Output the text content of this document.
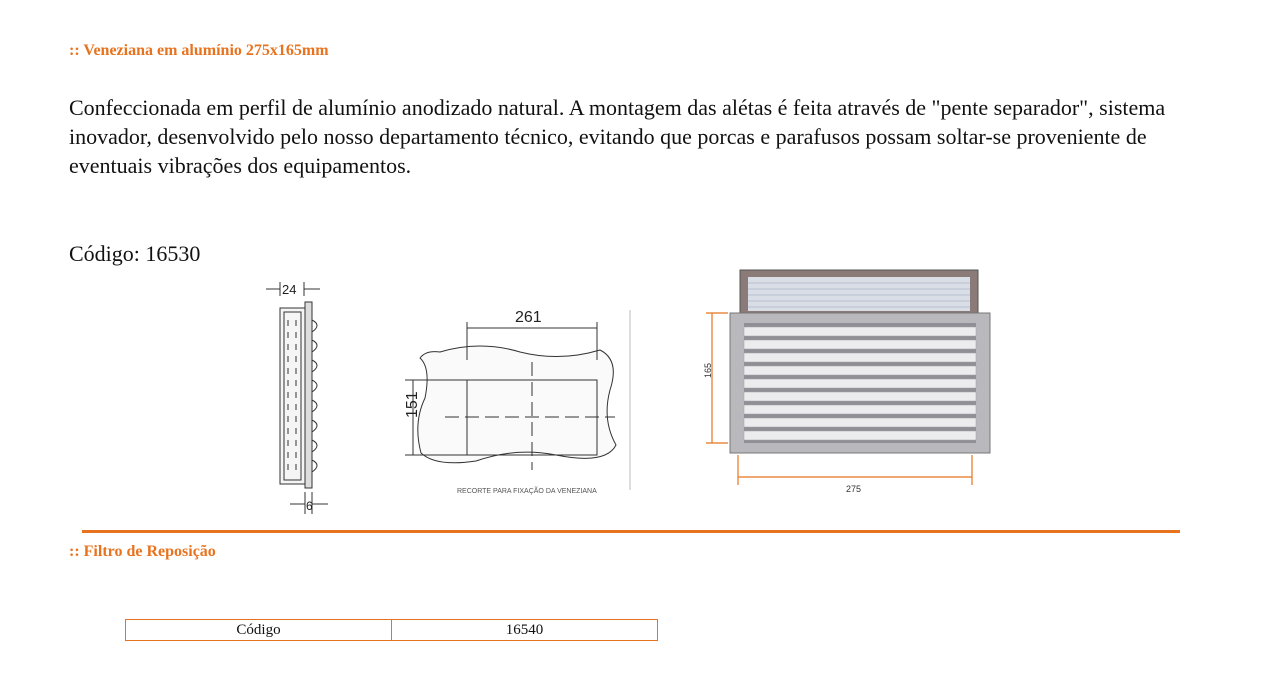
:: Veneziana em alumínio 275x165mm

Confeccionada em perfil de alumínio anodizado natural. A montagem das alétas é feita através de "pente separador", sistema inovador, desenvolvido pelo nosso departamento técnico, evitando que porcas e parafusos possam soltar-se proveniente de eventuais vibrações dos equipamentos.

Código: 16530
24
6
261
151
RECORTE PARA FIXAÇÃO DA VENEZIANA
165
275
:: Filtro de Reposição
Código	16540
